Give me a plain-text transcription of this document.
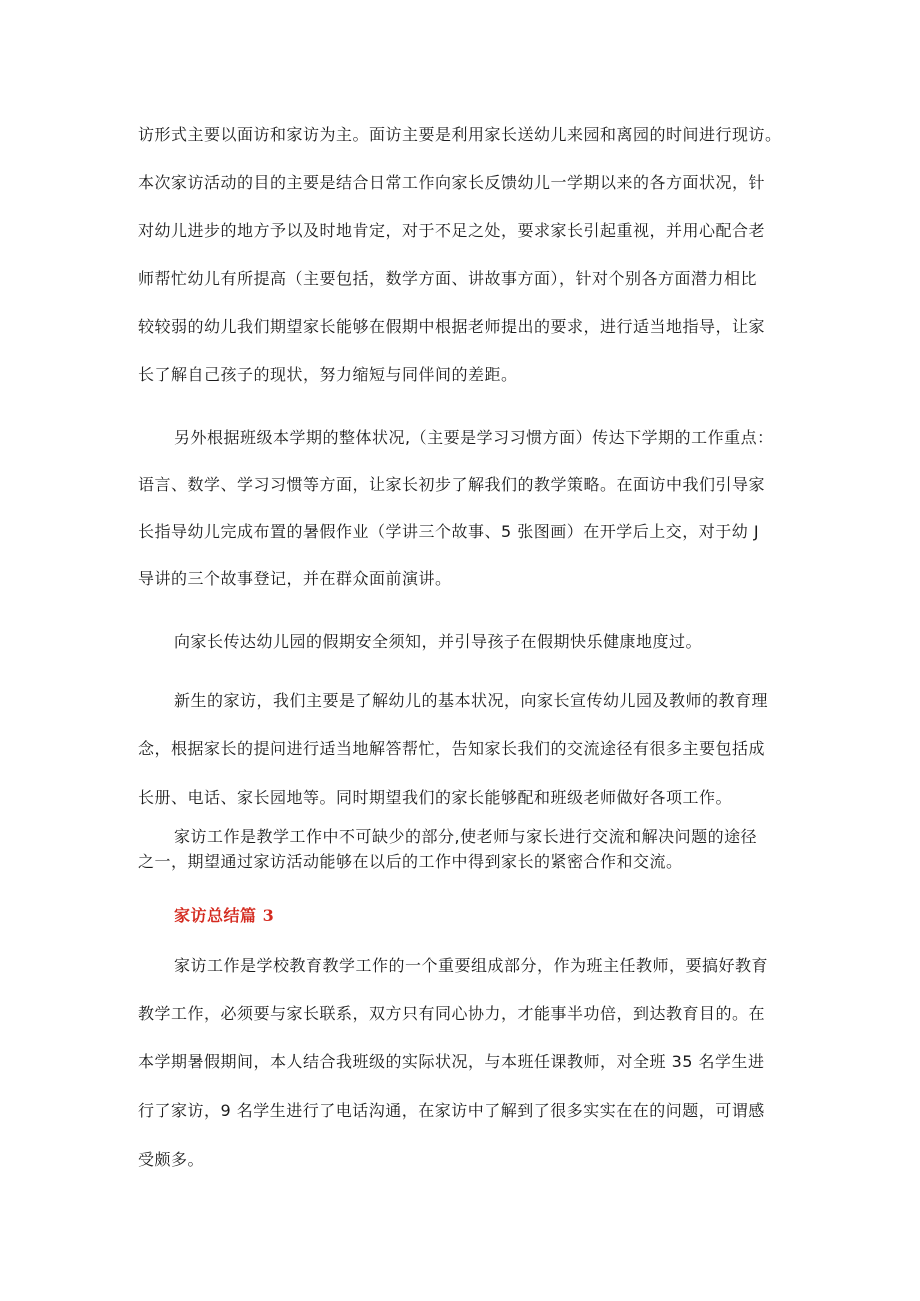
访形式主要以面访和家访为主。面访主要是利用家长送幼儿来园和离园的时间进行现访。
本次家访活动的目的主要是结合日常工作向家长反馈幼儿一学期以来的各方面状况，针
对幼儿进步的地方予以及时地肯定，对于不足之处，要求家长引起重视，并用心配合老
师帮忙幼儿有所提高（主要包括，数学方面、讲故事方面），针对个别各方面潜力相比
较较弱的幼儿我们期望家长能够在假期中根据老师提出的要求，进行适当地指导，让家
长了解自己孩子的现状，努力缩短与同伴间的差距。
另外根据班级本学期的整体状况,（主要是学习习惯方面）传达下学期的工作重点：
语言、数学、学习习惯等方面，让家长初步了解我们的教学策略。在面访中我们引导家
长指导幼儿完成布置的暑假作业（学讲三个故事、5 张图画）在开学后上交，对于幼 J
导讲的三个故事登记，并在群众面前演讲。
向家长传达幼儿园的假期安全须知，并引导孩子在假期快乐健康地度过。
新生的家访，我们主要是了解幼儿的基本状况，向家长宣传幼儿园及教师的教育理
念，根据家长的提问进行适当地解答帮忙，告知家长我们的交流途径有很多主要包括成
长册、电话、家长园地等。同时期望我们的家长能够配和班级老师做好各项工作。
家访工作是教学工作中不可缺少的部分,使老师与家长进行交流和解决问题的途径
之一，期望通过家访活动能够在以后的工作中得到家长的紧密合作和交流。
家访总结篇 3
家访工作是学校教育教学工作的一个重要组成部分，作为班主任教师，要搞好教育
教学工作，必须要与家长联系，双方只有同心协力，才能事半功倍，到达教育目的。在
本学期暑假期间，本人结合我班级的实际状况，与本班任课教师，对全班 35 名学生进
行了家访，9 名学生进行了电话沟通，在家访中了解到了很多实实在在的问题，可谓感
受颇多。
